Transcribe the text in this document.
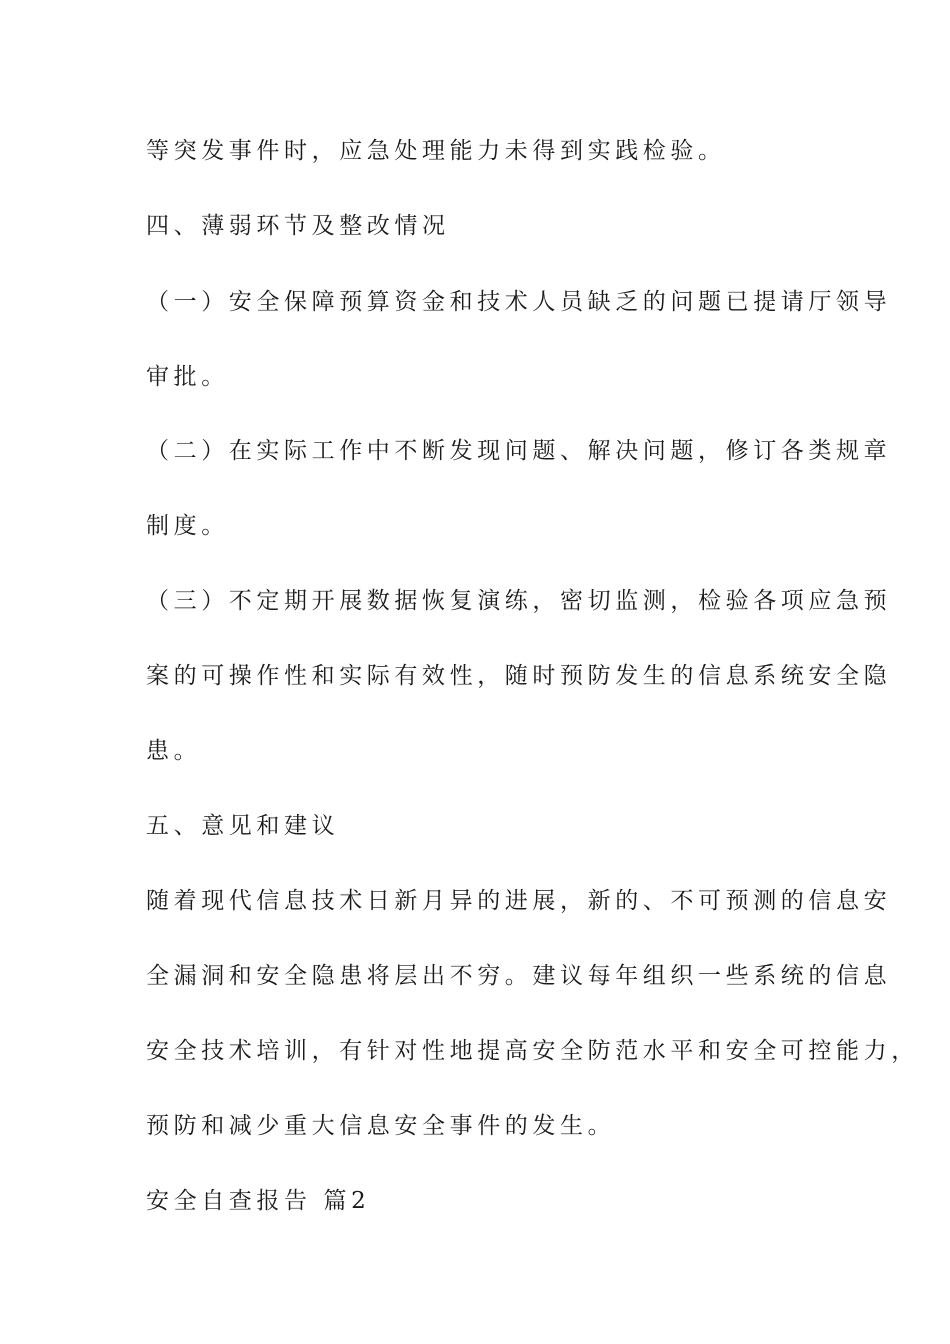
等突发事件时，应急处理能力未得到实践检验。
四、薄弱环节及整改情况
（一）安全保障预算资金和技术人员缺乏的问题已提请厅领导
审批。
（二）在实际工作中不断发现问题、解决问题，修订各类规章
制度。
（三）不定期开展数据恢复演练，密切监测，检验各项应急预
案的可操作性和实际有效性，随时预防发生的信息系统安全隐
患。
五、意见和建议
随着现代信息技术日新月异的进展，新的、不可预测的信息安
全漏洞和安全隐患将层出不穷。建议每年组织一些系统的信息
安全技术培训，有针对性地提高安全防范水平和安全可控能力，
预防和减少重大信息安全事件的发生。
安全自查报告 篇2
